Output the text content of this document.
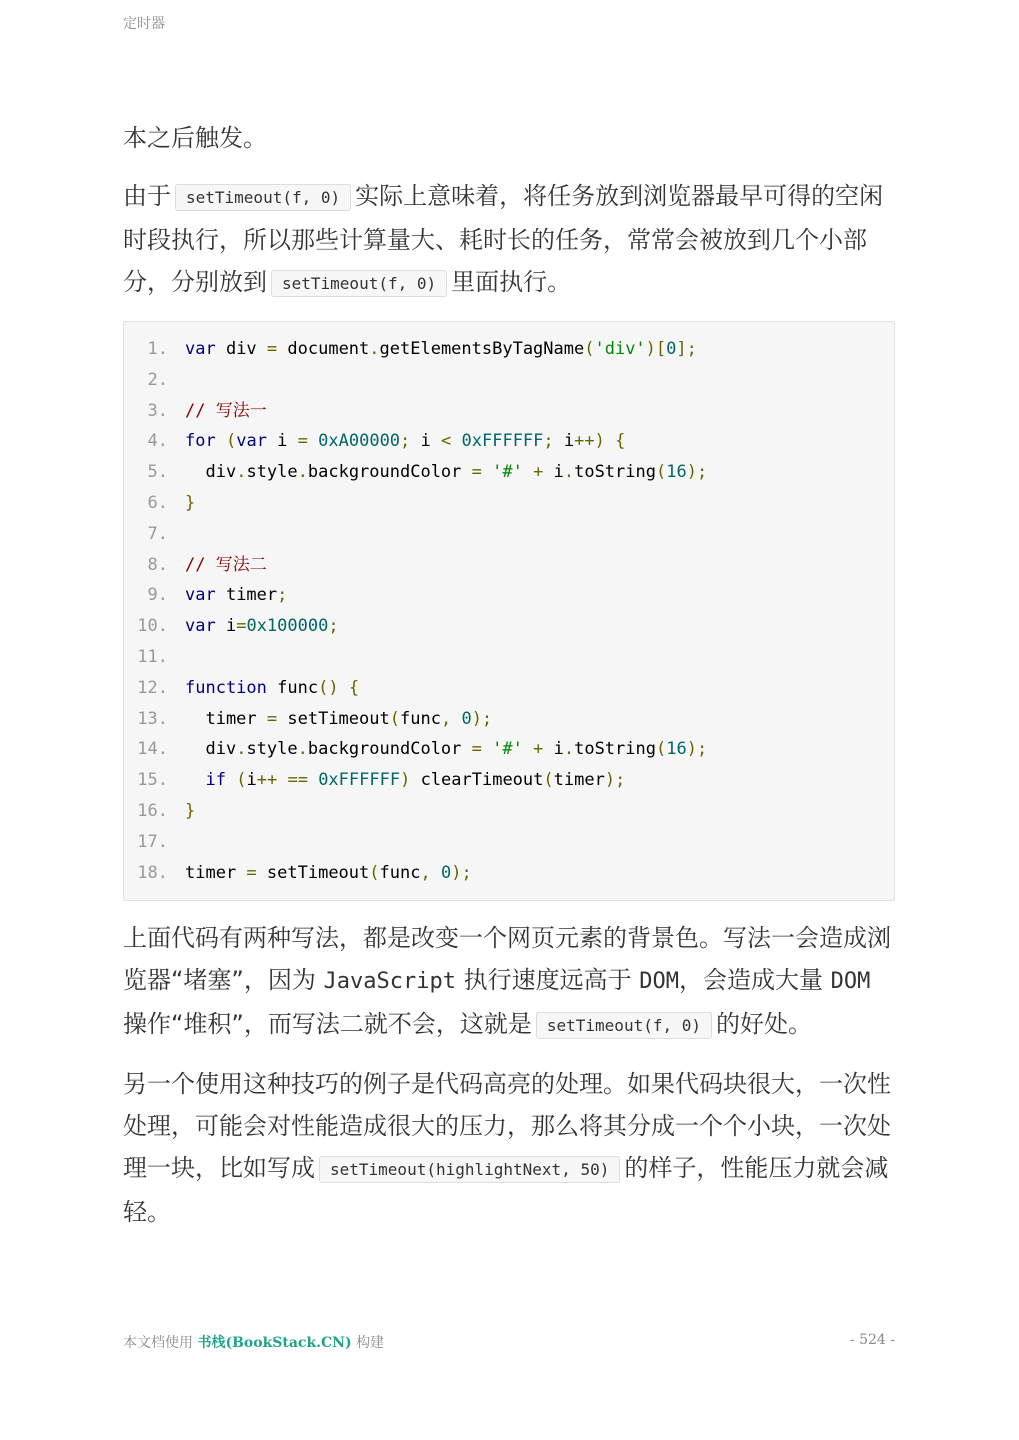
定时器

本之后触发。

由于 setTimeout(f, 0) 实际上意味着，将任务放到浏览器最早可得的空闲时段执行，所以那些计算量大、耗时长的任务，常常会被放到几个小部分，分别放到 setTimeout(f, 0) 里面执行。

1.	var div = document.getElementsByTagName('div')[0];
2.
3.	// 写法一
4.	for (var i = 0xA00000; i < 0xFFFFFF; i++) {
5.	div.style.backgroundColor = '#' + i.toString(16);
6.	}
7.
8.	// 写法二
9.	var timer;
10.	var i=0x100000;
11.
12.	function func() {
13.	timer = setTimeout(func, 0);
14.	div.style.backgroundColor = '#' + i.toString(16);
15.	if (i++ == 0xFFFFFF) clearTimeout(timer);
16.	}
17.
18.	timer = setTimeout(func, 0);

上面代码有两种写法，都是改变一个网页元素的背景色。写法一会造成浏览器“堵塞”，因为 JavaScript 执行速度远高于 DOM，会造成大量 DOM 操作“堆积”，而写法二就不会，这就是 setTimeout(f, 0) 的好处。

另一个使用这种技巧的例子是代码高亮的处理。如果代码块很大，一次性处理，可能会对性能造成很大的压力，那么将其分成一个个小块，一次处理一块，比如写成 setTimeout(highlightNext, 50) 的样子，性能压力就会减轻。

本文档使用 书栈(BookStack.CN) 构建	- 524 -
